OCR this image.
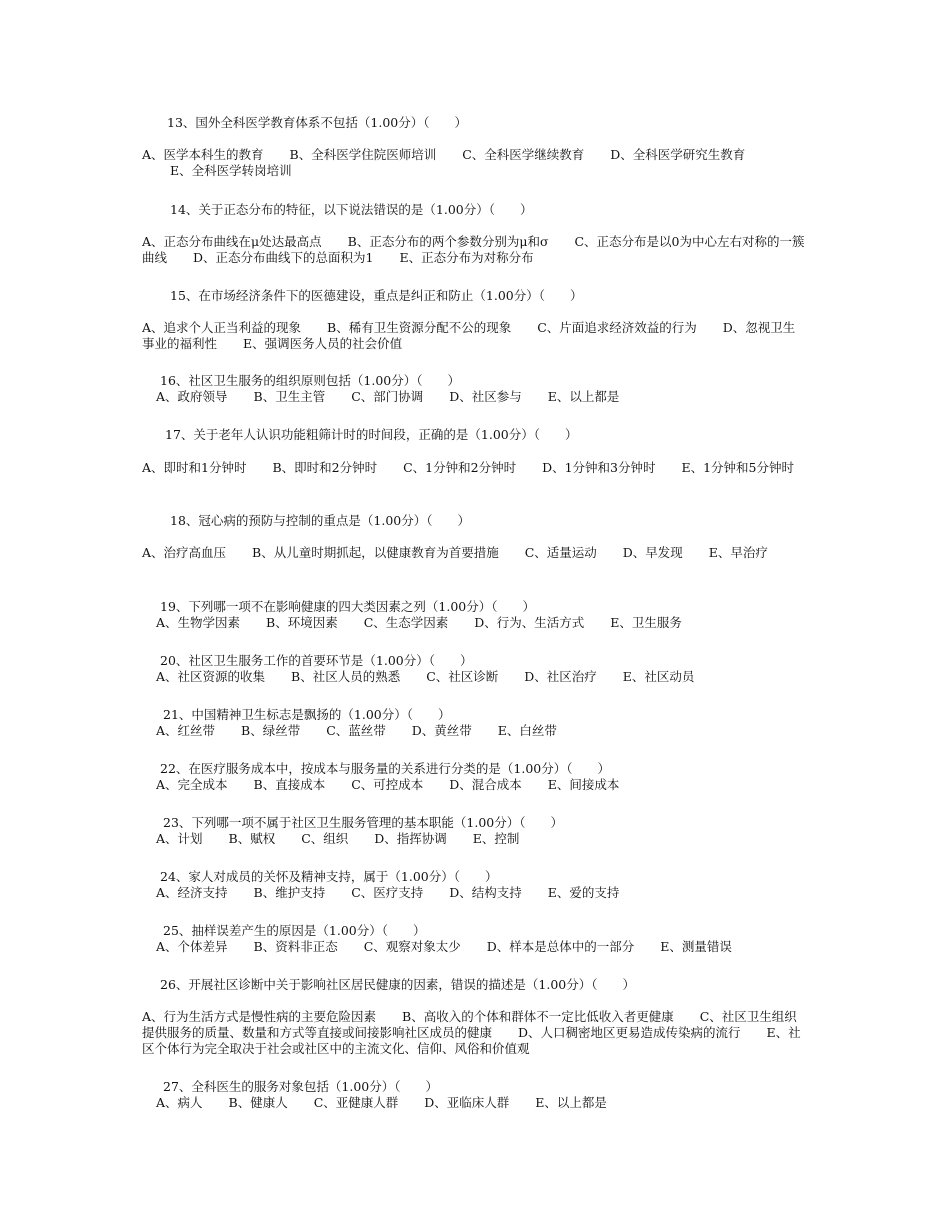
13、国外全科医学教育体系不包括（1.00分）（　　）
A、医学本科生的教育 B、全科医学住院医师培训 C、全科医学继续教育 D、全科医学研究生教育
E、全科医学转岗培训
14、关于正态分布的特征，以下说法错误的是（1.00分）（　　）
A、正态分布曲线在μ处达最高点 B、正态分布的两个参数分别为μ和σ C、正态分布是以0为中心左右对称的一簇曲线 D、正态分布曲线下的总面积为1 E、正态分布为对称分布
15、在市场经济条件下的医德建设，重点是纠正和防止（1.00分）（　　）
A、追求个人正当利益的现象 B、稀有卫生资源分配不公的现象 C、片面追求经济效益的行为 D、忽视卫生事业的福利性 E、强调医务人员的社会价值
16、社区卫生服务的组织原则包括（1.00分）（　　）
A、政府领导 B、卫生主管 C、部门协调 D、社区参与 E、以上都是
17、关于老年人认识功能粗筛计时的时间段，正确的是（1.00分）（　　）
A、即时和1分钟时 B、即时和2分钟时 C、1分钟和2分钟时 D、1分钟和3分钟时 E、1分钟和5分钟时
18、冠心病的预防与控制的重点是（1.00分）（　　）
A、治疗高血压 B、从儿童时期抓起，以健康教育为首要措施 C、适量运动 D、早发现 E、早治疗
19、下列哪一项不在影响健康的四大类因素之列（1.00分）（　　）
A、生物学因素 B、环境因素 C、生态学因素 D、行为、生活方式 E、卫生服务
20、社区卫生服务工作的首要环节是（1.00分）（　　）
A、社区资源的收集 B、社区人员的熟悉 C、社区诊断 D、社区治疗 E、社区动员
21、中国精神卫生标志是飘扬的（1.00分）（　　）
A、红丝带 B、绿丝带 C、蓝丝带 D、黄丝带 E、白丝带
22、在医疗服务成本中，按成本与服务量的关系进行分类的是（1.00分）（　　）
A、完全成本 B、直接成本 C、可控成本 D、混合成本 E、间接成本
23、下列哪一项不属于社区卫生服务管理的基本职能（1.00分）（　　）
A、计划 B、赋权 C、组织 D、指挥协调 E、控制
24、家人对成员的关怀及精神支持，属于（1.00分）（　　）
A、经济支持 B、维护支持 C、医疗支持 D、结构支持 E、爱的支持
25、抽样误差产生的原因是（1.00分）（　　）
A、个体差异 B、资料非正态 C、观察对象太少 D、样本是总体中的一部分 E、测量错误
26、开展社区诊断中关于影响社区居民健康的因素，错误的描述是（1.00分）（　　）
A、行为生活方式是慢性病的主要危险因素 B、高收入的个体和群体不一定比低收入者更健康 C、社区卫生组织提供服务的质量、数量和方式等直接或间接影响社区成员的健康 D、人口稠密地区更易造成传染病的流行 E、社区个体行为完全取决于社会或社区中的主流文化、信仰、风俗和价值观
27、全科医生的服务对象包括（1.00分）（　　）
A、病人 B、健康人 C、亚健康人群 D、亚临床人群 E、以上都是
